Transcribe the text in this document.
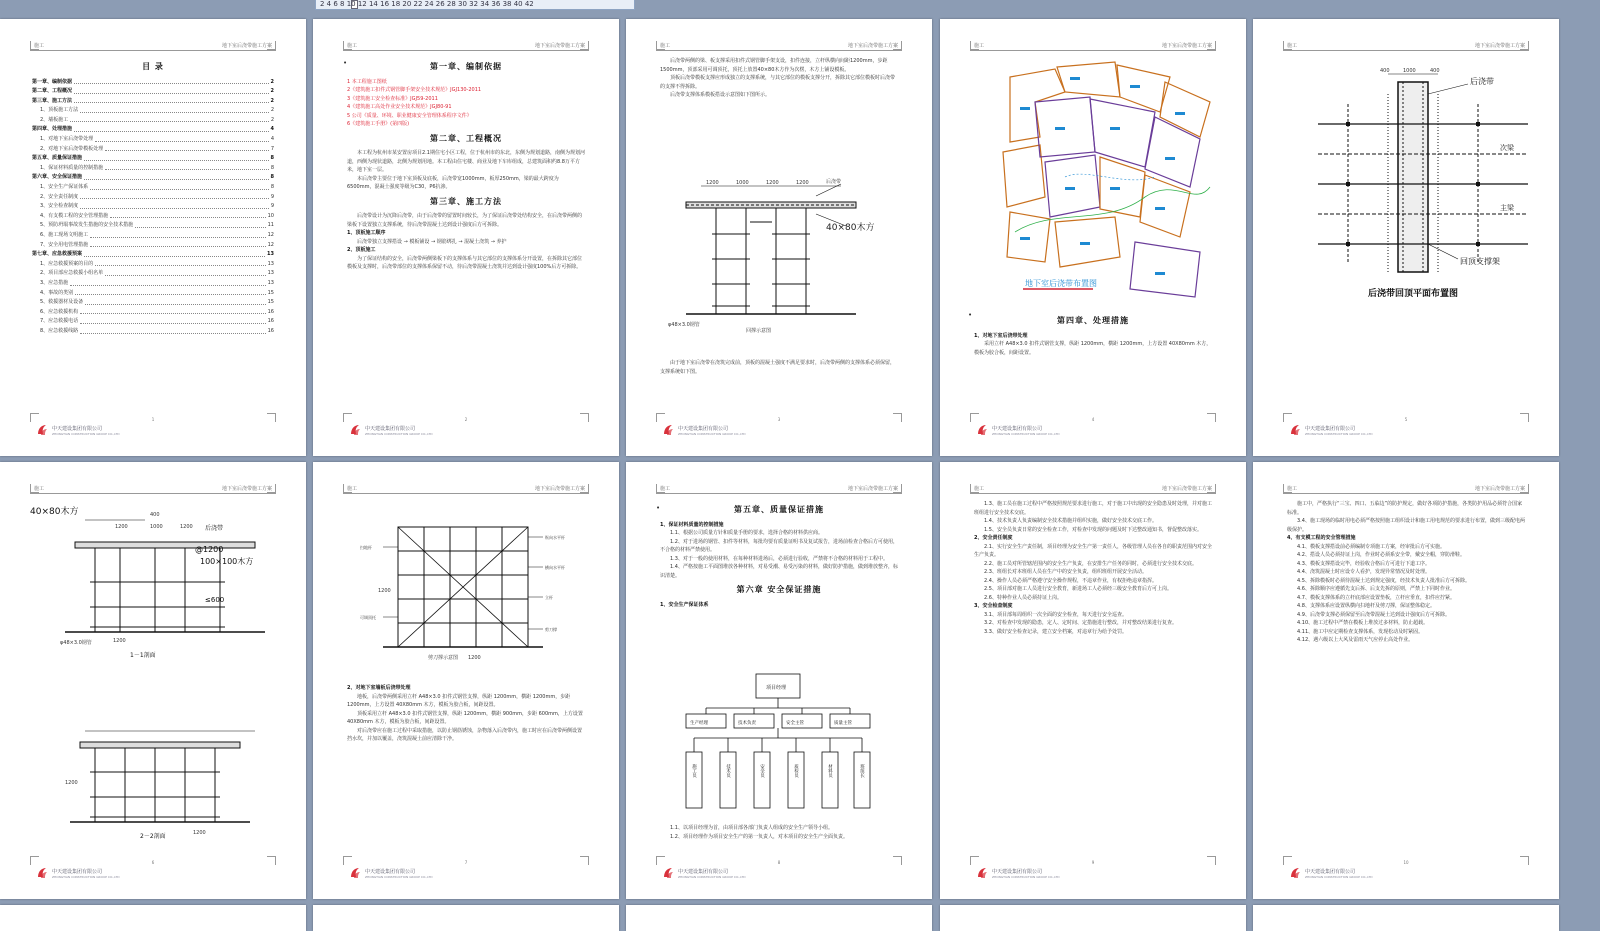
2 4 6 8 10 12 14 16 18 20 22 24 26 28 30 32 34 36 38 40 42
施工	地下室后浇带施工方案
目 录
第一章、编制依据	2
第二章、工程概况	2
第三章、施工方法	2
1、顶板施工方法	2
2、墙板施工	2
第四章、处理措施	4
1、对地下室后浇带处理	4
2、对地下室后浇带模板处理	7
第五章、质量保证措施	8
1、保证材料质量的控制措施	8
第六章、安全保证措施	8
1、安全生产保证体系	8
2、安全责任制度	9
3、安全检查制度	9
4、有支模工程的安全管理措施	10
5、预防坍塌事故发生措施的安全技术措施	11
6、施工现场文明施工	12
7、安全用电管理措施	12
第七章、应急救援预案	13
1、应急救援预案的目的	13
2、项目部应急救援小组名单	13
3、应急措施	13
4、事故的类别	15
5、救援器材及设备	15
6、应急救援机构	16
7、应急救援电话	16
8、应急救援线路	16
1
中天建设集团有限公司
ZHONGTIAN CONSTRUCTION GROUP CO.,LTD
施工	地下室后浇带施工方案
•	第一章、编制依据
1 本工程施工图纸
2《建筑施工扣件式钢管脚手架安全技术规范》JGJ130-2011
3《建筑施工安全检查标准》JGJ59-2011
4《建筑施工高处作业安全技术规范》JGJ80-91
5 公司《质量、环境、职业健康安全管理体系程序文件》
6《建筑施工手册》(第四版)
第二章、工程概况

本工程为杭州市某安置房项目2.1期住宅小区工程，位于杭州市的东北，东侧为规划道路，南侧为规划河道，西侧为现状道路，北侧为规划用地。本工程由住宅楼、商业及地下车库组成，总建筑面积约8.8万平方米，地下室一层。

本后浇带主要位于地下室顶板及底板，后浇带宽1000mm，板厚250mm，梁的最大跨度为6500mm，混凝土强度等级为C30，P6抗渗。

第三章、施工方法

后浇带设计为沉降后浇带，由于后浇带的留置时间较长，为了保证后浇带处结构安全，在后浇带两侧的梁板下设置独立支撑系统，待后浇带混凝土达到设计强度后方可拆除。

1、顶板施工顺序

后浇带独立支撑搭设 → 模板铺设 → 钢筋绑扎 → 混凝土浇筑 → 养护

2、顶板施工

为了保证结构的安全，后浇带两侧梁板下的支撑体系与其它部位的支撑体系分开设置，在拆除其它部位模板及支撑时，后浇带部位的支撑体系保留不动，待后浇带混凝土浇筑并达到设计强度100%后方可拆除。

2
中天建设集团有限公司
ZHONGTIAN CONSTRUCTION GROUP CO.,LTD
施工	地下室后浇带施工方案

后浇带两侧的梁、板支撑采用扣件式钢管脚手架支设，扣件连接，立杆纵横向间距1200mm，步距1500mm，顶部采用可调顶托，顶托上放置40×80木方作为次楞，木方上铺设模板。

顶板后浇带模板支撑应形成独立的支撑系统，与其它部位的模板支撑分开，拆除其它部位模板时后浇带的支撑不得拆除。

后浇带支撑体系模板搭设示意图如下图所示。

1200	1000	1200	1200	后浇带
40×80木方
φ48×3.0钢管
回撑示意图

由于地下室后浇带在浇筑完成前，顶板的混凝土强度不满足要求时，后浇带两侧的支撑体系必须保留，支撑系统如下图。

3
中天建设集团有限公司
ZHONGTIAN CONSTRUCTION GROUP CO.,LTD
施工	地下室后浇带施工方案
地下室后浇带布置图
•
第四章、处理措施
1、对地下室后浇带处理

采用立杆 A48×3.0 扣件式钢管支撑，纵距 1200mm，横距 1200mm，上方设置 40X80mm 木方，模板为胶合板，间距设置。

4
中天建设集团有限公司
ZHONGTIAN CONSTRUCTION GROUP CO.,LTD
施工	地下室后浇带施工方案
400	1000	400
后浇带
次梁
主梁
回顶支撑架
后浇带回顶平面布置图
5
中天建设集团有限公司
ZHONGTIAN CONSTRUCTION GROUP CO.,LTD
施工	地下室后浇带施工方案
40×80木方
后浇带
100×100木方
@1200
≤600
φ48×3.0钢管
400
1200	1000	1200
1200
1200
1200
1－1剖面
2－2剖面
6
中天建设集团有限公司
ZHONGTIAN CONSTRUCTION GROUP CO.,LTD
施工	地下室后浇带施工方案
纵向水平杆
横向水平杆
立杆
剪刀撑
扫地杆
可调顶托
1200
1200
剪刀撑示意图
2、对地下室墙板后浇带处理

地板，后浇带两侧采用立杆 A48×3.0 扣件式钢管支撑，纵距 1200mm，横距 1200mm，步距 1200mm，上方设置 40X80mm 木方，模板为胶合板，间距设置。

顶板采用立杆 A48×3.0 扣件式钢管支撑，纵距 1200mm，横距 900mm，步距 600mm，上方设置 40X80mm 木方，模板为胶合板，间距设置。

对后浇带应在施工过程中采取措施，以防止钢筋锈蚀，杂物落入后浇带内，施工时应在后浇带两侧设置挡水坎，并加以覆盖，浇筑混凝土前应清除干净。

7
中天建设集团有限公司
ZHONGTIAN CONSTRUCTION GROUP CO.,LTD
施工	地下室后浇带施工方案
•	第五章、质量保证措施
1、保证材料质量的控制措施

1.1、根据公司质量方针和质量手册的要求，选择合格的材料供应商。

1.2、对于进场的钢管、扣件等材料，每批均要有质量证明书及复试报告，进场前检查合格后方可使用，不合格的材料严禁使用。

1.3、对于一般的使用材料，在每种材料进场后，必须进行验收，严禁将不合格的材料用于工程中。

1.4、严格按施工平面图堆放各种材料，对易受潮、易受污染的材料，做好防护措施，做到堆放整齐，标识清楚。

第六章 安全保证措施
1、安全生产保证体系
项目经理
生产经理	技术负责	安全主管	质量主管
施工员	技术员	安全员	质检员	材料员	班组长

1.1、以项目经理为首，由项目部各部门负责人组成的安全生产领导小组。

1.2、项目经理作为项目安全生产的第一负责人，对本项目的安全生产全面负责。

8
中天建设集团有限公司
ZHONGTIAN CONSTRUCTION GROUP CO.,LTD
施工	地下室后浇带施工方案

1.3、施工员在施工过程中严格按照规范要求进行施工，对于施工中出现的安全隐患及时处理，并对施工班组进行安全技术交底。

1.4、技术负责人负责编制安全技术措施并组织实施，做好安全技术交底工作。

1.5、安全员负责日常的安全检查工作，对检查中发现的问题及时下达整改通知书，督促整改落实。

2、安全责任制度

2.1、实行安全生产责任制，项目经理为安全生产第一责任人，各级管理人员在各自的职责范围内对安全生产负责。

2.2、施工员对所管辖范围内的安全生产负责，在安排生产任务的同时，必须进行安全技术交底。

2.3、班组长对本班组人员在生产中的安全负责，组织班组开展安全活动。

2.4、操作人员必须严格遵守安全操作规程，不违章作业，有权拒绝违章指挥。

2.5、项目部对施工人员进行安全教育，新进场工人必须经三级安全教育后方可上岗。

2.6、特种作业人员必须持证上岗。

3、安全检查制度

3.1、项目部每周组织一次全面的安全检查，每天进行安全巡查。

3.2、对检查中发现的隐患，定人、定时间、定措施进行整改，并对整改结果进行复查。

3.3、做好安全检查记录，建立安全档案，对违章行为给予处罚。

9
中天建设集团有限公司
ZHONGTIAN CONSTRUCTION GROUP CO.,LTD
施工	地下室后浇带施工方案

施工中，严格执行“三宝、四口、五临边”的防护规定，做好各项防护措施，各类防护用品必须符合国家标准。

3.4、施工现场的临时用电必须严格按照施工组织设计和施工用电规范的要求进行布置，做到三级配电两级保护。

4、有支模工程的安全管理措施

4.1、模板支撑搭设前必须编制专项施工方案，经审批后方可实施。

4.2、搭设人员必须持证上岗，作业时必须系安全带，戴安全帽，穿防滑鞋。

4.3、模板支撑搭设完毕，经验收合格后方可进行下道工序。

4.4、浇筑混凝土时应设专人看护，发现异常情况及时处理。

4.5、拆除模板时必须待混凝土达到规定强度，经技术负责人批准后方可拆除。

4.6、拆除顺序应遵循先支后拆、后支先拆的原则，严禁上下同时作业。

4.7、模板支撑体系的立杆底部应设置垫板，立杆应垂直，扣件应拧紧。

4.8、支撑体系应设置纵横向扫地杆及剪刀撑，保证整体稳定。

4.9、后浇带支撑必须保留至后浇带混凝土达到设计强度后方可拆除。

4.10、施工过程中严禁在模板上堆放过多材料，防止超载。

4.11、施工中应定期检查支撑体系，发现松动及时紧固。

4.12、遇六级以上大风及雷雨天气应停止高处作业。

10
中天建设集团有限公司
ZHONGTIAN CONSTRUCTION GROUP CO.,LTD
